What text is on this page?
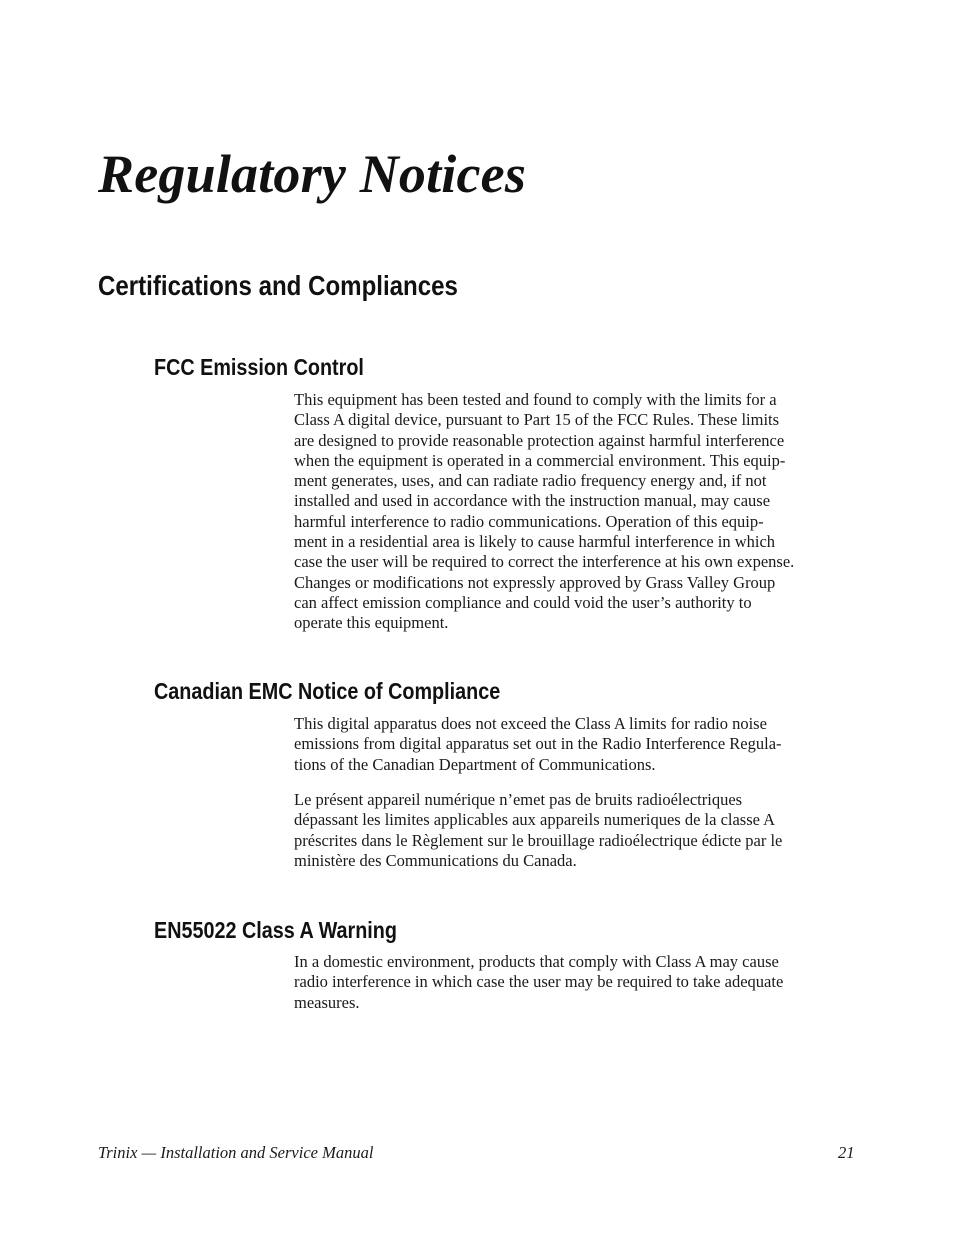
Regulatory Notices
Certifications and Compliances
FCC Emission Control
This equipment has been tested and found to comply with the limits for a
Class A digital device, pursuant to Part 15 of the FCC Rules. These limits
are designed to provide reasonable protection against harmful interference
when the equipment is operated in a commercial environment. This equip-
ment generates, uses, and can radiate radio frequency energy and, if not
installed and used in accordance with the instruction manual, may cause
harmful interference to radio communications. Operation of this equip-
ment in a residential area is likely to cause harmful interference in which
case the user will be required to correct the interference at his own expense.
Changes or modifications not expressly approved by Grass Valley Group
can affect emission compliance and could void the user’s authority to
operate this equipment.
Canadian EMC Notice of Compliance
This digital apparatus does not exceed the Class A limits for radio noise
emissions from digital apparatus set out in the Radio Interference Regula-
tions of the Canadian Department of Communications.
Le présent appareil numérique n’emet pas de bruits radioélectriques
dépassant les limites applicables aux appareils numeriques de la classe A
préscrites dans le Règlement sur le brouillage radioélectrique édicte par le
ministère des Communications du Canada.
EN55022 Class A Warning
In a domestic environment, products that comply with Class A may cause
radio interference in which case the user may be required to take adequate
measures.
Trinix — Installation and Service Manual	21
